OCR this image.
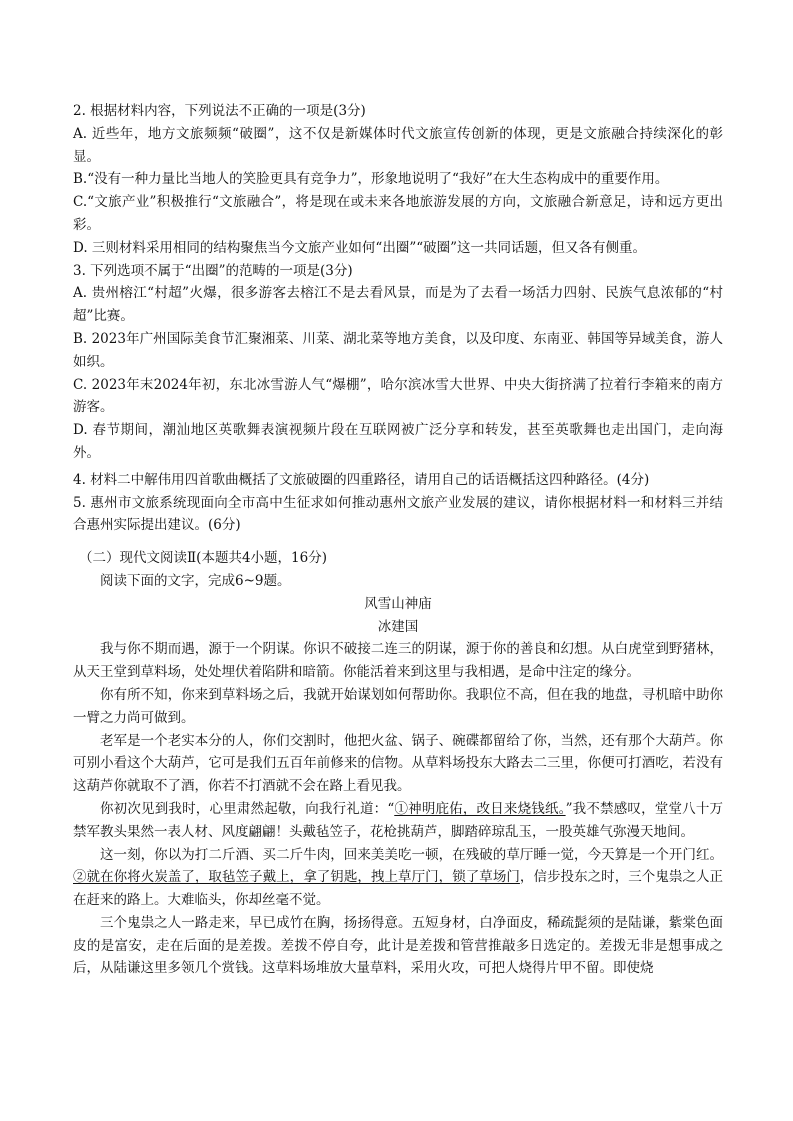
2. 根据材料内容，下列说法不正确的一项是(3分)

A. 近些年，地方文旅频频“破圈”，这不仅是新媒体时代文旅宣传创新的体现，更是文旅融合持续深化的彰显。

B.“没有一种力量比当地人的笑脸更具有竞争力”，形象地说明了“我好”在大生态构成中的重要作用。

C.“文旅产业”积极推行“文旅融合”，将是现在或未来各地旅游发展的方向，文旅融合新意足，诗和远方更出彩。

D. 三则材料采用相同的结构聚焦当今文旅产业如何“出圈”“破圈”这一共同话题，但又各有侧重。

3. 下列选项不属于“出圈”的范畴的一项是(3分)

A. 贵州榕江“村超”火爆，很多游客去榕江不是去看风景，而是为了去看一场活力四射、民族气息浓郁的“村超”比赛。

B. 2023年广州国际美食节汇聚湘菜、川菜、湖北菜等地方美食，以及印度、东南亚、韩国等异域美食，游人如织。

C. 2023年末2024年初，东北冰雪游人气“爆棚”，哈尔滨冰雪大世界、中央大街挤满了拉着行李箱来的南方游客。

D. 春节期间，潮汕地区英歌舞表演视频片段在互联网被广泛分享和转发，甚至英歌舞也走出国门，走向海外。

4. 材料二中解伟用四首歌曲概括了文旅破圈的四重路径，请用自己的话语概括这四种路径。(4分)

5. 惠州市文旅系统现面向全市高中生征求如何推动惠州文旅产业发展的建议，请你根据材料一和材料三并结合惠州实际提出建议。(6分)

（二）现代文阅读Ⅱ(本题共4小题，16分)

阅读下面的文字，完成6~9题。

风雪山神庙

冰建国

我与你不期而遇，源于一个阴谋。你识不破接二连三的阴谋，源于你的善良和幻想。从白虎堂到野猪林，从天王堂到草料场，处处埋伏着陷阱和暗箭。你能活着来到这里与我相遇，是命中注定的缘分。

你有所不知，你来到草料场之后，我就开始谋划如何帮助你。我职位不高，但在我的地盘，寻机暗中助你一臂之力尚可做到。

老军是一个老实本分的人，你们交割时，他把火盆、锅子、碗碟都留给了你，当然，还有那个大葫芦。你可别小看这个大葫芦，它可是我们五百年前修来的信物。从草料场投东大路去二三里，你便可打酒吃，若没有这葫芦你就取不了酒，你若不打酒就不会在路上看见我。

你初次见到我时，心里肃然起敬，向我行礼道：“①神明庇佑，改日来烧钱纸。”我不禁感叹，堂堂八十万禁军教头果然一表人材、风度翩翩！头戴毡笠子，花枪挑葫芦，脚踏碎琼乱玉，一股英雄气弥漫天地间。

这一刻，你以为打二斤酒、买二斤牛肉，回来美美吃一顿，在残破的草厅睡一觉，今天算是一个开门红。②就在你将火炭盖了，取毡笠子戴上，拿了钥匙，拽上草厅门，锁了草场门，信步投东之时，三个鬼祟之人正在赶来的路上。大难临头，你却丝毫不觉。

三个鬼祟之人一路走来，早已成竹在胸，扬扬得意。五短身材，白净面皮，稀疏髭须的是陆谦，紫棠色面皮的是富安，走在后面的是差拨。差拨不停自夸，此计是差拨和管营推敲多日选定的。差拨无非是想事成之后，从陆谦这里多领几个赏钱。这草料场堆放大量草料，采用火攻，可把人烧得片甲不留。即使烧
